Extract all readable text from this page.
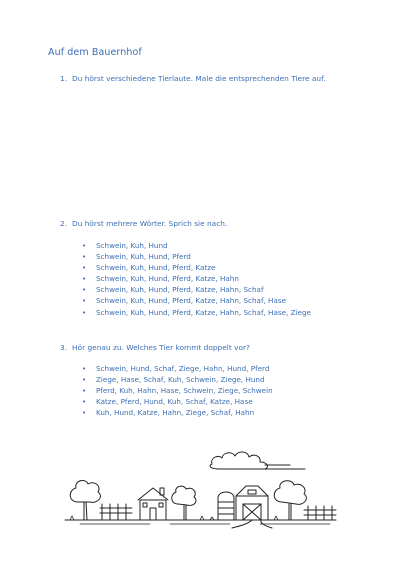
Auf dem Bauernhof
1. Du hörst verschiedene Tierlaute. Male die entsprechenden Tiere auf.
2. Du hörst mehrere Wörter. Sprich sie nach.
• Schwein, Kuh, Hund
• Schwein, Kuh, Hund, Pferd
• Schwein, Kuh, Hund, Pferd, Katze
• Schwein, Kuh, Hund, Pferd, Katze, Hahn
• Schwein, Kuh, Hund, Pferd, Katze, Hahn, Schaf
• Schwein, Kuh, Hund, Pferd, Katze, Hahn, Schaf, Hase
• Schwein, Kuh, Hund, Pferd, Katze, Hahn, Schaf, Hase, Ziege
3. Hör genau zu. Welches Tier kommt doppelt vor?
• Schwein, Hund, Schaf, Ziege, Hahn, Hund, Pferd
• Ziege, Hase, Schaf, Kuh, Schwein, Ziege, Hund
• Pferd, Kuh, Hahn, Hase, Schwein, Ziege, Schwein
• Katze, Pferd, Hund, Kuh, Schaf, Katze, Hase
• Kuh, Hund, Katze, Hahn, Ziege, Schaf, Hahn
